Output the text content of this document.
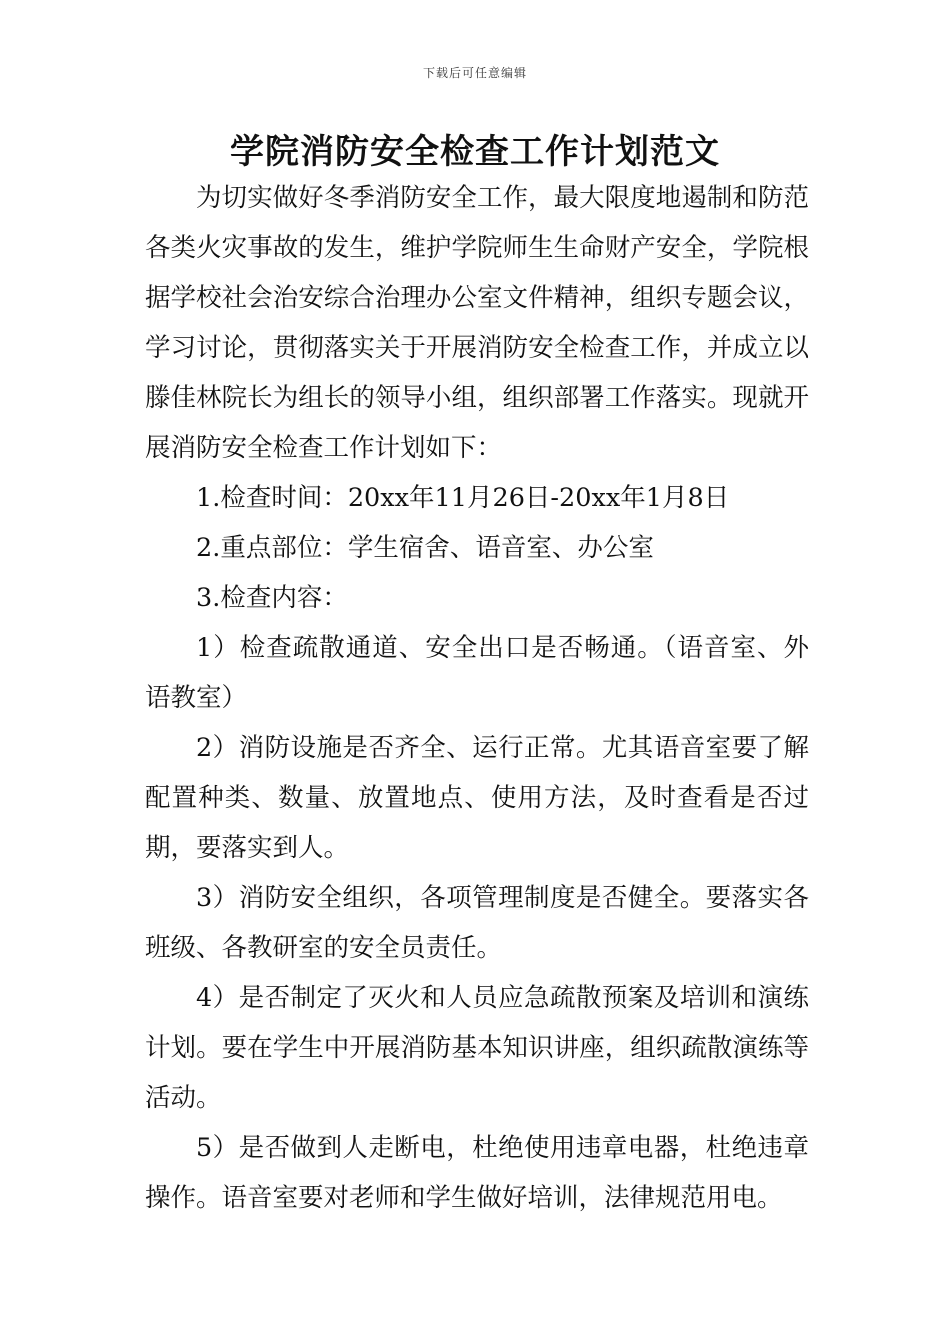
下载后可任意编辑
学院消防安全检查工作计划范文

为切实做好冬季消防安全工作，最大限度地遏制和防范各类火灾事故的发生，维护学院师生生命财产安全，学院根据学校社会治安综合治理办公室文件精神，组织专题会议，学习讨论，贯彻落实关于开展消防安全检查工作，并成立以滕佳林院长为组长的领导小组，组织部署工作落实。现就开展消防安全检查工作计划如下：

1.检查时间：20xx年11月26日-20xx年1月8日

2.重点部位：学生宿舍、语音室、办公室

3.检查内容：

1）检查疏散通道、安全出口是否畅通。（语音室、外语教室）

2）消防设施是否齐全、运行正常。尤其语音室要了解配置种类、数量、放置地点、使用方法，及时查看是否过期，要落实到人。

3）消防安全组织，各项管理制度是否健全。要落实各班级、各教研室的安全员责任。

4）是否制定了灭火和人员应急疏散预案及培训和演练计划。要在学生中开展消防基本知识讲座，组织疏散演练等活动。

5）是否做到人走断电，杜绝使用违章电器，杜绝违章操作。语音室要对老师和学生做好培训，法律规范用电。
